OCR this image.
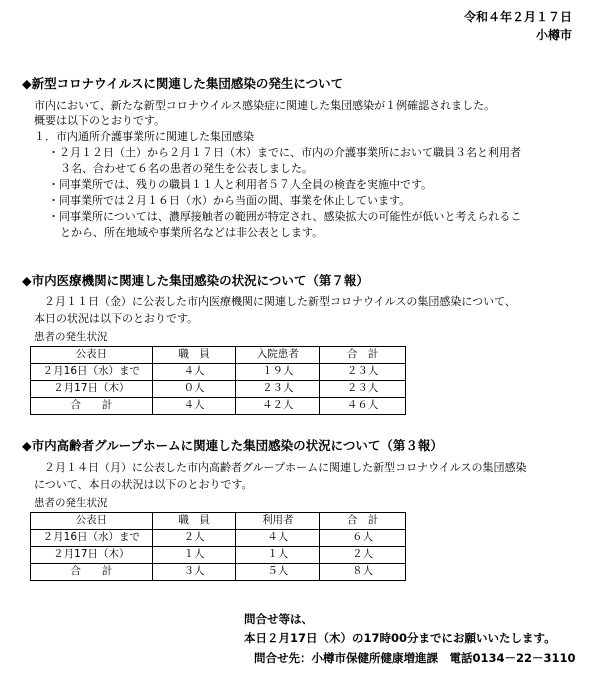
令和４年２月１７日
小樽市
◆新型コロナウイルスに関連した集団感染の発生について
市内において、新たな新型コロナウイルス感染症に関連した集団感染が１例確認されました。
概要は以下のとおりです。
１．市内通所介護事業所に関連した集団感染
・２月１２日（土）から２月１７日（木）までに、市内の介護事業所において職員３名と利用者
３名、合わせて６名の患者の発生を公表しました。
・同事業所では、残りの職員１１人と利用者５７人全員の検査を実施中です。
・同事業所では２月１６日（水）から当面の間、事業を休止しています。
・同事業所については、濃厚接触者の範囲が特定され、感染拡大の可能性が低いと考えられるこ
とから、所在地域や事業所名などは非公表とします。
◆市内医療機関に関連した集団感染の状況について（第７報）
２月１１日（金）に公表した市内医療機関に関連した新型コロナウイルスの集団感染について、
本日の状況は以下のとおりです。
患者の発生状況
公表日	職　員	入院患者	合　計
２月16日（水）まで	４人	１９人	２３人
２月17日（木）	０人	２３人	２３人
合　　計	４人	４２人	４６人
◆市内高齢者グループホームに関連した集団感染の状況について（第３報）
２月１４日（月）に公表した市内高齢者グループホームに関連した新型コロナウイルスの集団感染
について、本日の状況は以下のとおりです。
患者の発生状況
公表日	職　員	利用者	合　計
２月16日（水）まで	２人	４人	６人
２月17日（木）	１人	１人	２人
合　　計	３人	５人	８人
問合せ等は、
本日２月17日（木）の17時00分までにお願いいたします。
問合せ先：小樽市保健所健康増進課　電話0134－22－3110
